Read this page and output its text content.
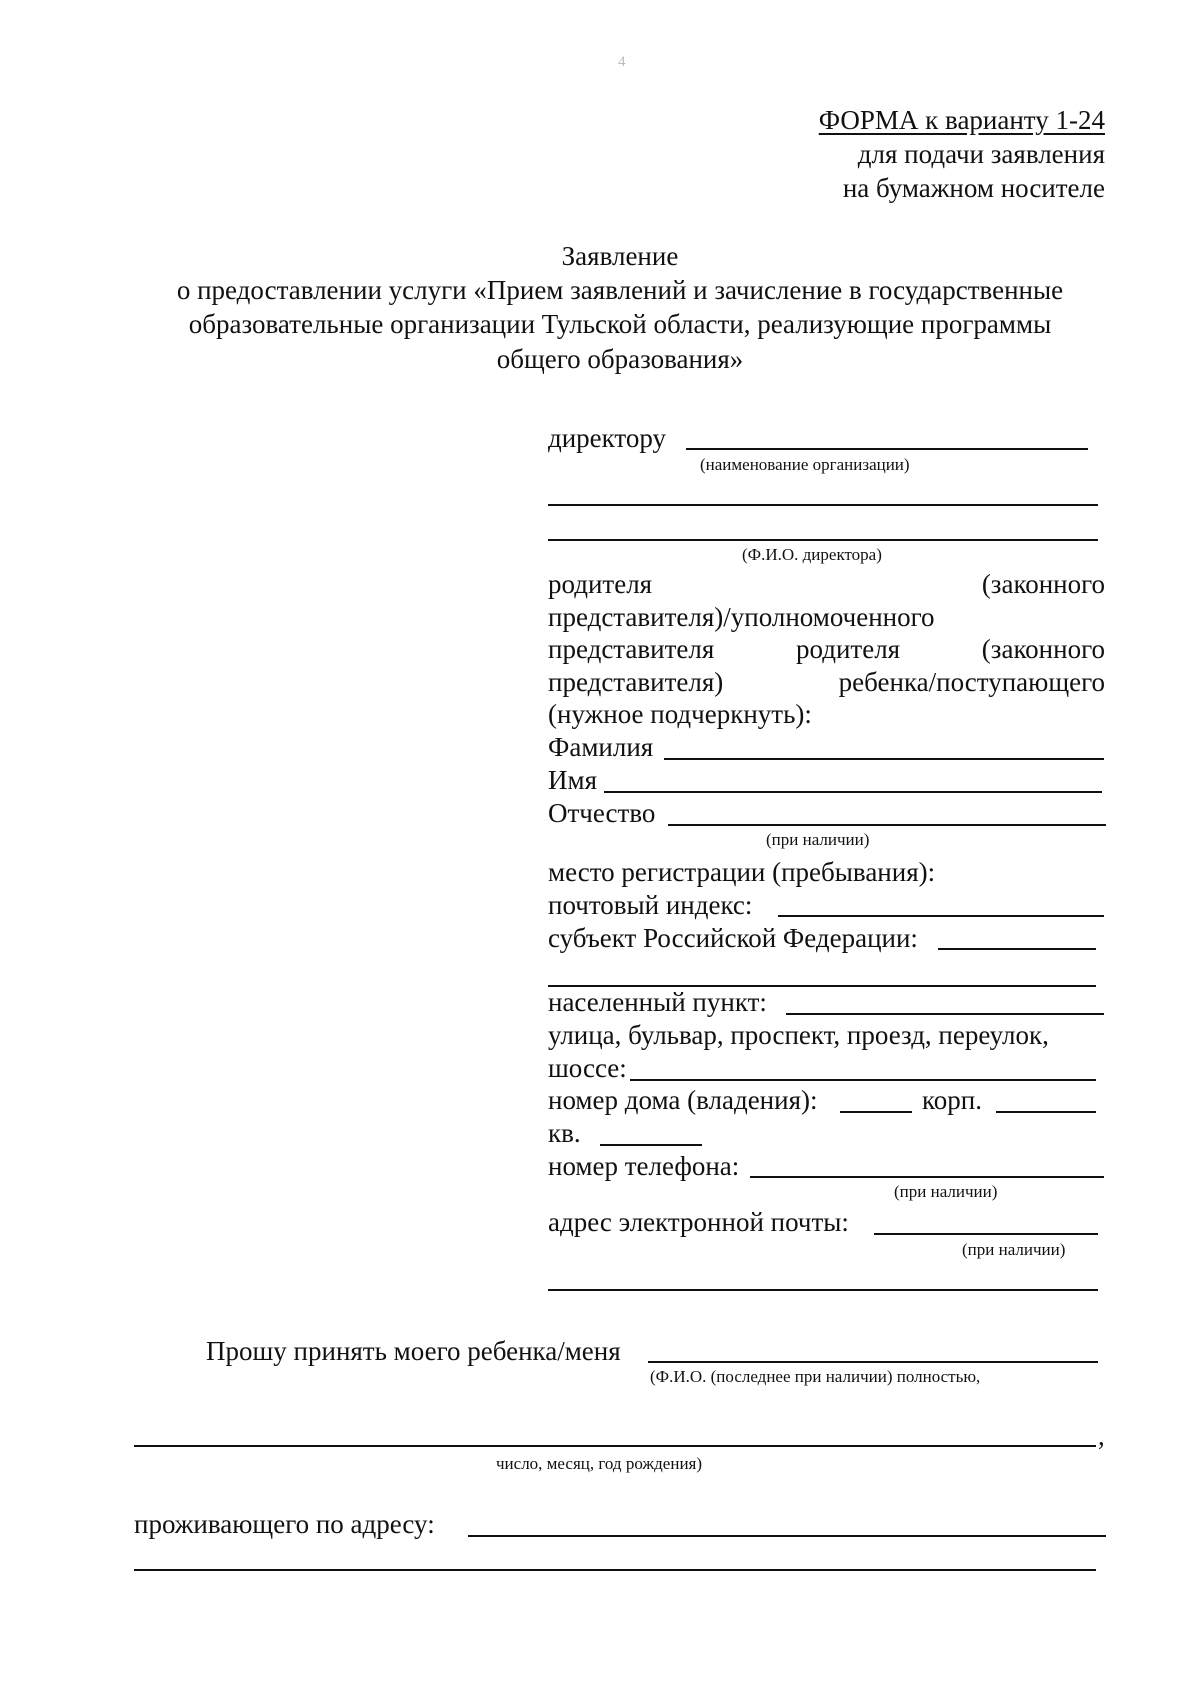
4
ФОРМА к варианту 1-24
для подачи заявления
на бумажном носителе
Заявление
о предоставлении услуги «Прием заявлений и зачисление в государственные
образовательные организации Тульской области, реализующие программы
общего образования»
директору
(наименование организации)
(Ф.И.О. директора)
родителя	(законного
представителя)/уполномоченного
представителя	родителя	(законного
представителя)	ребенка/поступающего
(нужное подчеркнуть):
Фамилия
Имя
Отчество
(при наличии)
место регистрации (пребывания):
почтовый индекс:
субъект Российской Федерации:
населенный пункт:
улица, бульвар, проспект, проезд, переулок,
шоссе:
номер дома (владения):	корп.
кв.
номер телефона:
(при наличии)
адрес электронной почты:
(при наличии)
Прошу принять моего ребенка/меня
(Ф.И.О. (последнее при наличии) полностью,
,
число, месяц, год рождения)
проживающего по адресу:
